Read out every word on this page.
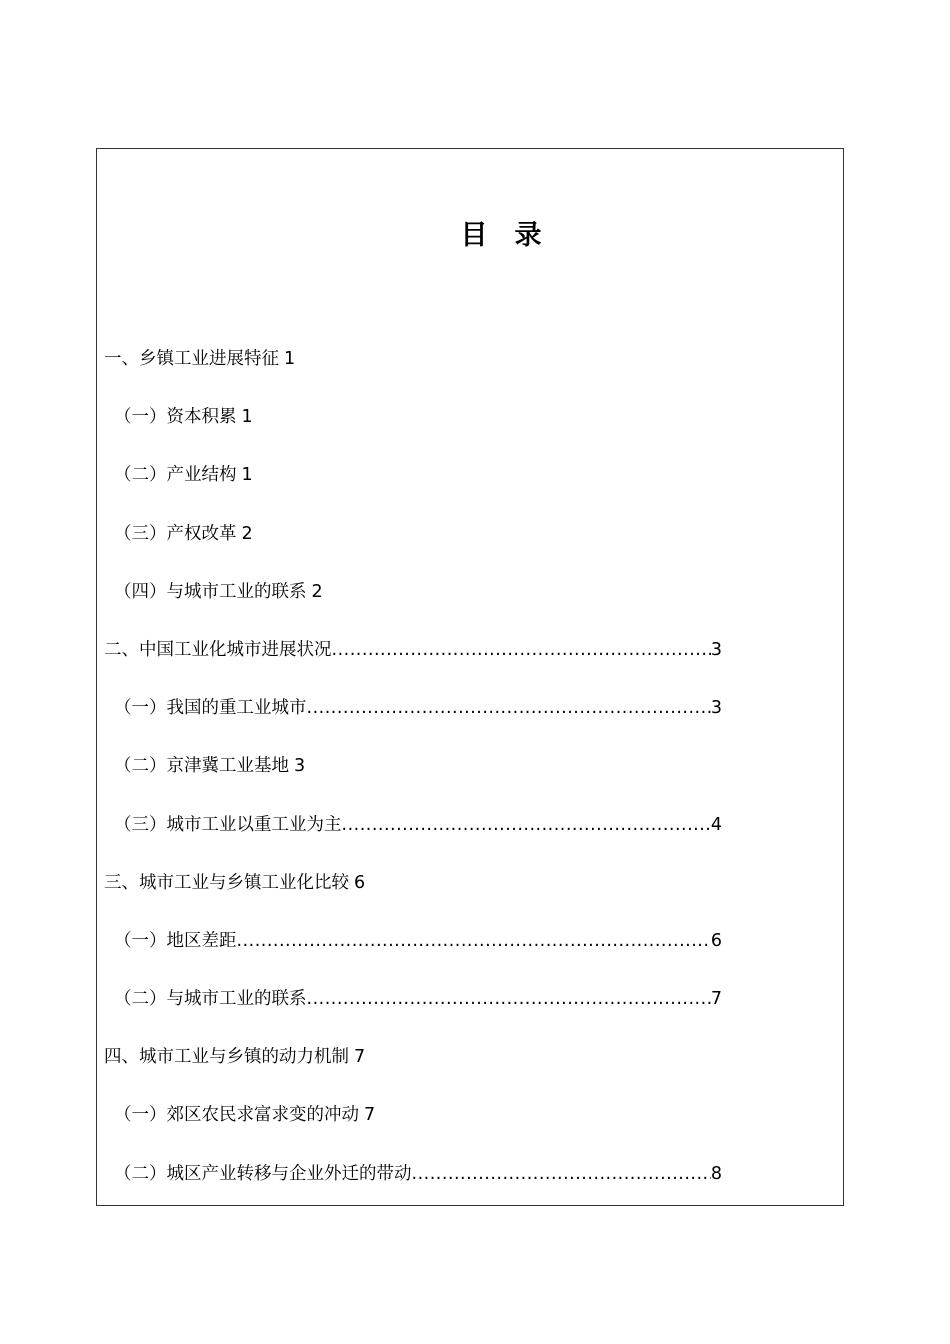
目　录
一、乡镇工业进展特征 1
（一）资本积累 1
（二）产业结构 1
（三）产权改革 2
（四）与城市工业的联系 2
二、中国工业化城市进展状况 .....	3
（一）我国的重工业城市 .....	3
（二）京津冀工业基地 3
（三）城市工业以重工业为主 .....	4
三、城市工业与乡镇工业化比较 6
（一）地区差距 .....	6
（二）与城市工业的联系 .....	7
四、城市工业与乡镇的动力机制 7
（一）郊区农民求富求变的冲动 7
（二）城区产业转移与企业外迁的带动 .....	8
